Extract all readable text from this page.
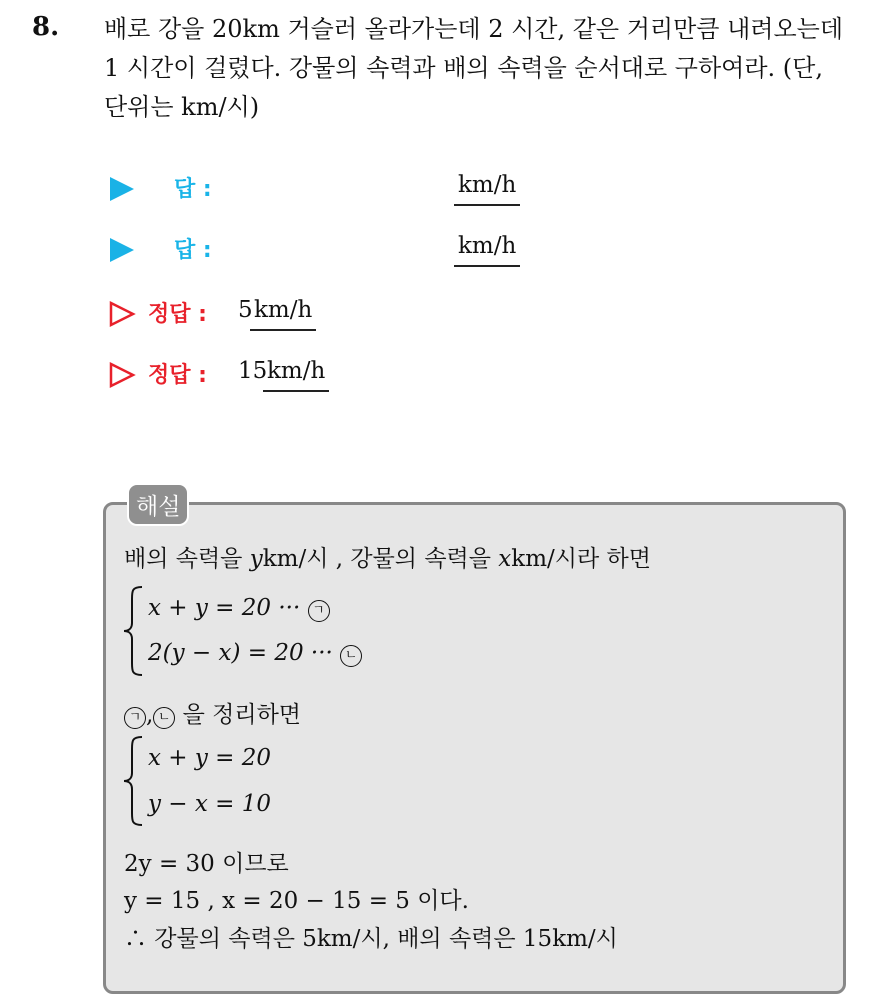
8. 배로 강을 20km 거슬러 올라가는데 2 시간, 같은 거리만큼 내려오는데
1 시간이 걸렸다. 강물의 속력과 배의 속력을 순서대로 구하여라. (단,
단위는 km/시)
답 :	km/h
답 :	km/h
정답 : 5 km/h
정답 : 15 km/h
해설
배의 속력을 ykm/시 , 강물의 속력을 xkm/시라 하면
x + y = 20 ··· ㄱ
2(y − x) = 20 ··· ㄴ
ㄱ , ㄴ 을 정리하면
x + y = 20
y − x = 10
2y = 30 이므로
y = 15 , x = 20 − 15 = 5 이다.
∴ 강물의 속력은 5km/시, 배의 속력은 15km/시
